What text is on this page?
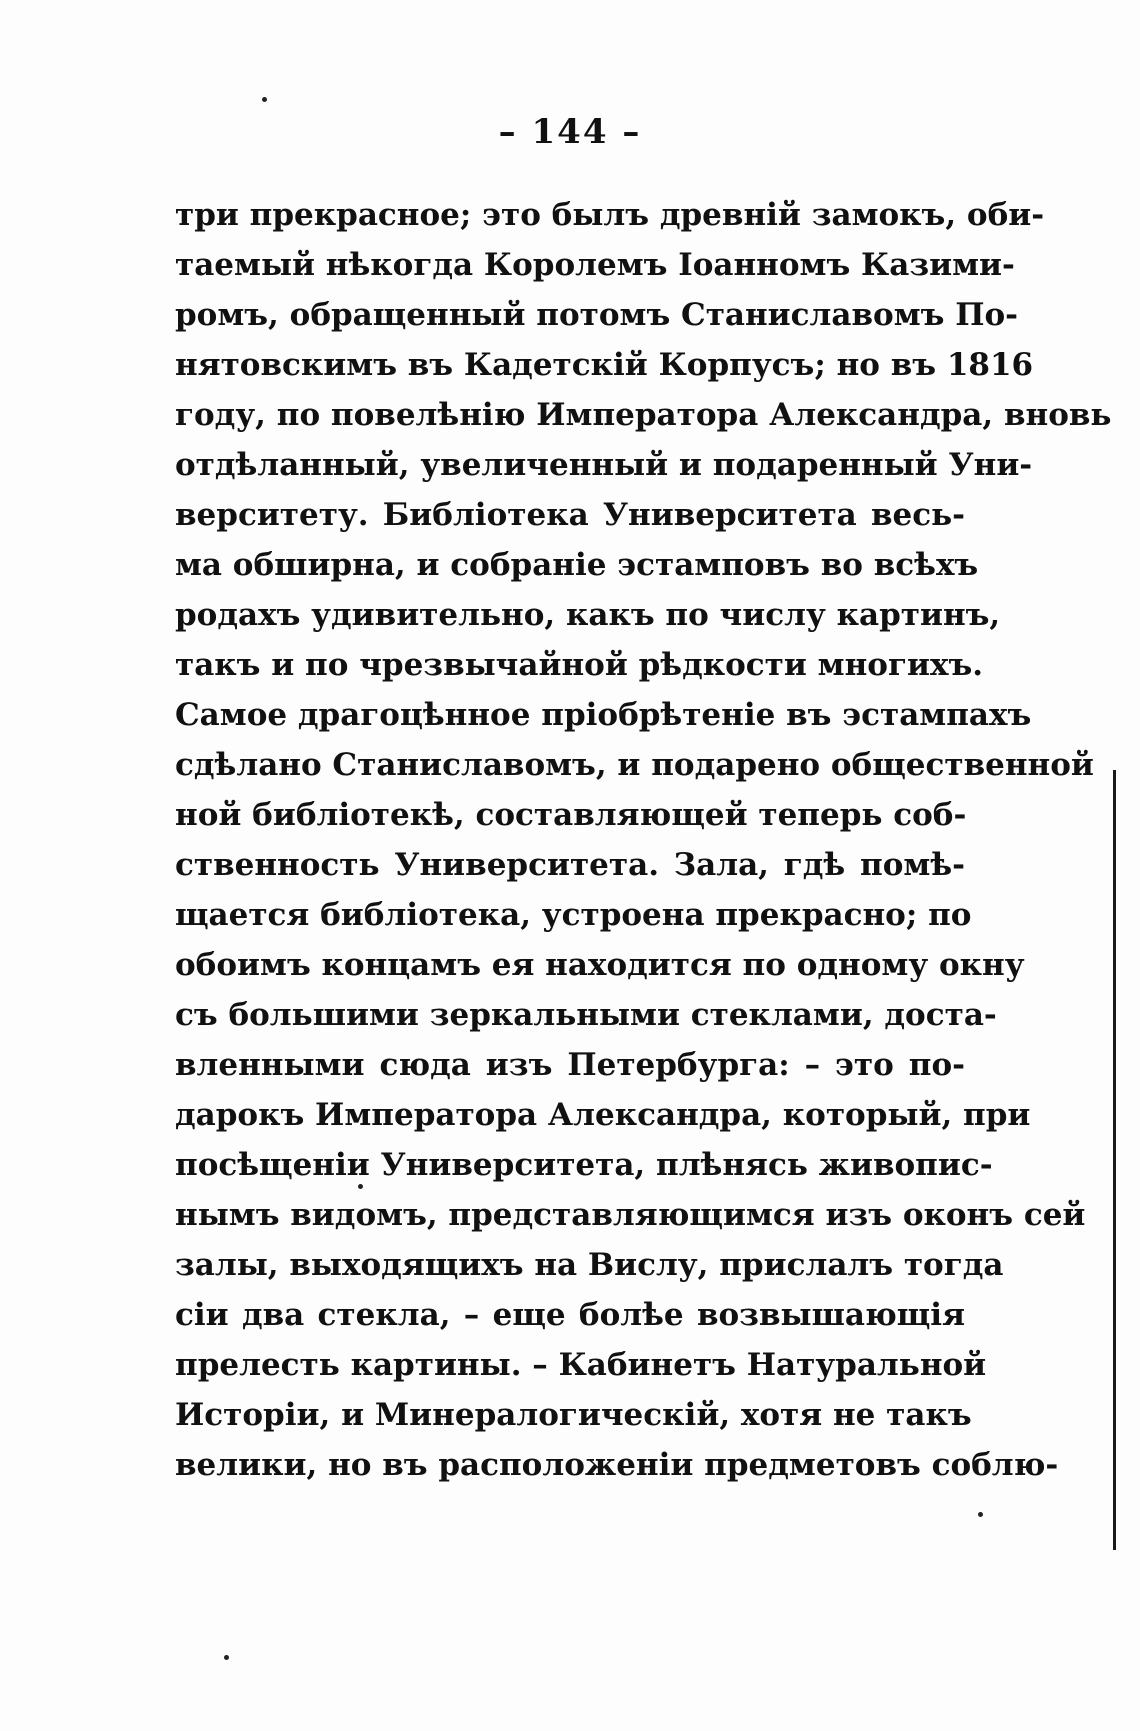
– 144 –
три прекрасное; это былъ древній замокъ, оби-
таемый нѣкогда Королемъ Іоанномъ Казими-
ромъ, обращенный потомъ Станиславомъ По-
нятовскимъ въ Кадетскій Корпусъ; но въ 1816
году, по повелѣнію Императора Александра, вновь
отдѣланный, увеличенный и подаренный Уни-
верситету. Библіотека Университета весь-
ма обширна, и собраніе эстамповъ во всѣхъ
родахъ удивительно, какъ по числу картинъ,
такъ и по чрезвычайной рѣдкости многихъ.
Самое драгоцѣнное пріобрѣтеніе въ эстампахъ
сдѣлано Станиславомъ, и подарено общественной
ной библіотекѣ, составляющей теперь соб-
ственность Университета. Зала, гдѣ помѣ-
щается библіотека, устроена прекрасно; по
обоимъ концамъ ея находится по одному окну
съ большими зеркальными стеклами, доста-
вленными сюда изъ Петербурга: – это по-
дарокъ Императора Александра, который, при
посѣщеніи Университета, плѣнясь живопис-
нымъ видомъ, представляющимся изъ оконъ сей
залы, выходящихъ на Вислу, прислалъ тогда
сіи два стекла, – еще болѣе возвышающія
прелесть картины. – Кабинетъ Натуральной
Исторіи, и Минералогическій, хотя не такъ
велики, но въ расположеніи предметовъ соблю-
